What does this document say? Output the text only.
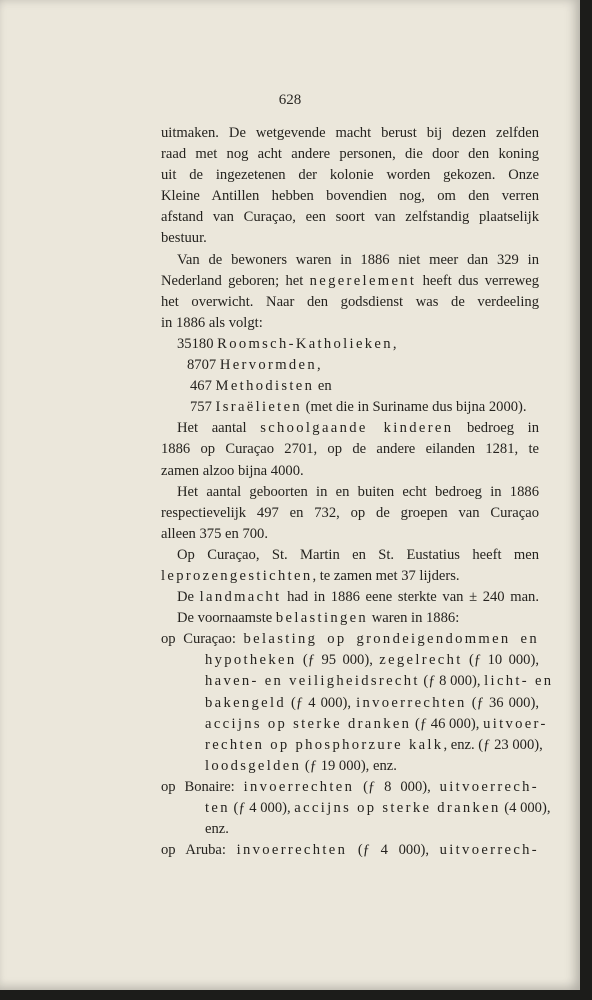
628
uitmaken. De wetgevende macht berust bij dezen zelfden
raad met nog acht andere personen, die door den koning
uit de ingezetenen der kolonie worden gekozen. Onze
Kleine Antillen hebben bovendien nog, om den verren
afstand van Curaçao, een soort van zelfstandig plaatselijk
bestuur.
Van de bewoners waren in 1886 niet meer dan 329 in
Nederland geboren; het negerelement heeft dus verreweg
het overwicht. Naar den godsdienst was de verdeeling
in 1886 als volgt:
35180 Roomsch-Katholieken,
8707 Hervormden,
467 Methodisten en
757 Israëlieten (met die in Suriname dus bijna 2000).
Het aantal schoolgaande kinderen bedroeg in
1886 op Curaçao 2701, op de andere eilanden 1281, te
zamen alzoo bijna 4000.
Het aantal geboorten in en buiten echt bedroeg in 1886
respectievelijk 497 en 732, op de groepen van Curaçao
alleen 375 en 700.
Op Curaçao, St. Martin en St. Eustatius heeft men
leprozengestichten, te zamen met 37 lijders.
De landmacht had in 1886 eene sterkte van ± 240 man.
De voornaamste belastingen waren in 1886:
op Curaçao: belasting op grondeigendommen en
hypotheken (ƒ 95 000), zegelrecht (ƒ 10 000),
haven- en veiligheidsrecht (ƒ 8 000), licht- en
bakengeld (ƒ 4 000), invoerrechten (ƒ 36 000),
accijns op sterke dranken (ƒ 46 000), uitvoer-
rechten op phosphorzure kalk, enz. (ƒ 23 000),
loodsgelden (ƒ 19 000), enz.
op Bonaire: invoerrechten (ƒ 8 000), uitvoerrech-
ten (ƒ 4 000), accijns op sterke dranken (4 000),
enz.
op Aruba: invoerrechten (ƒ 4 000), uitvoerrech-
